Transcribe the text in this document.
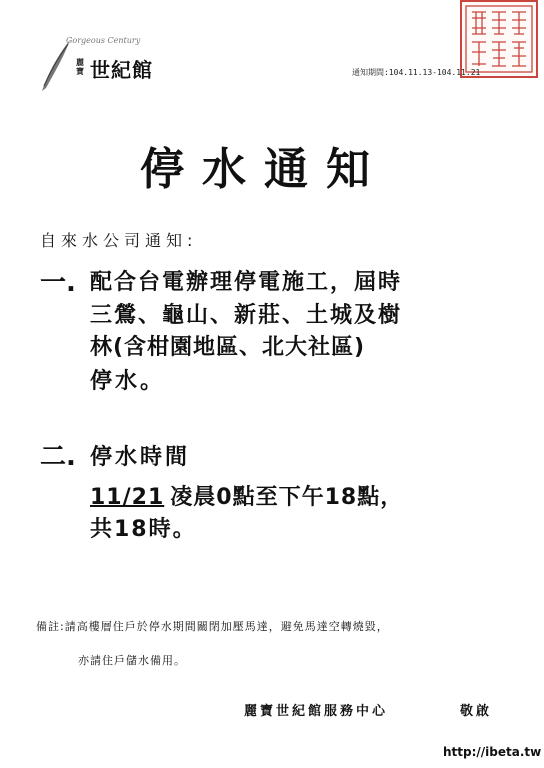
Gorgeous Century
麗寶 世紀館	通知期間:104.11.13-104.11.21
停水通知
自來水公司通知:
一. 配合台電辦理停電施工，屆時
三鶯、龜山、新莊、土城及樹
林(含柑園地區、北大社區)
停水。
二. 停水時間
11/21 凌晨0點至下午18點，
共18時。
備註:請高樓層住戶於停水期間關閉加壓馬達，避免馬達空轉燒毀，
亦請住戶儲水備用。
麗寶世紀館服務中心	敬啟
http://ibeta.tw
